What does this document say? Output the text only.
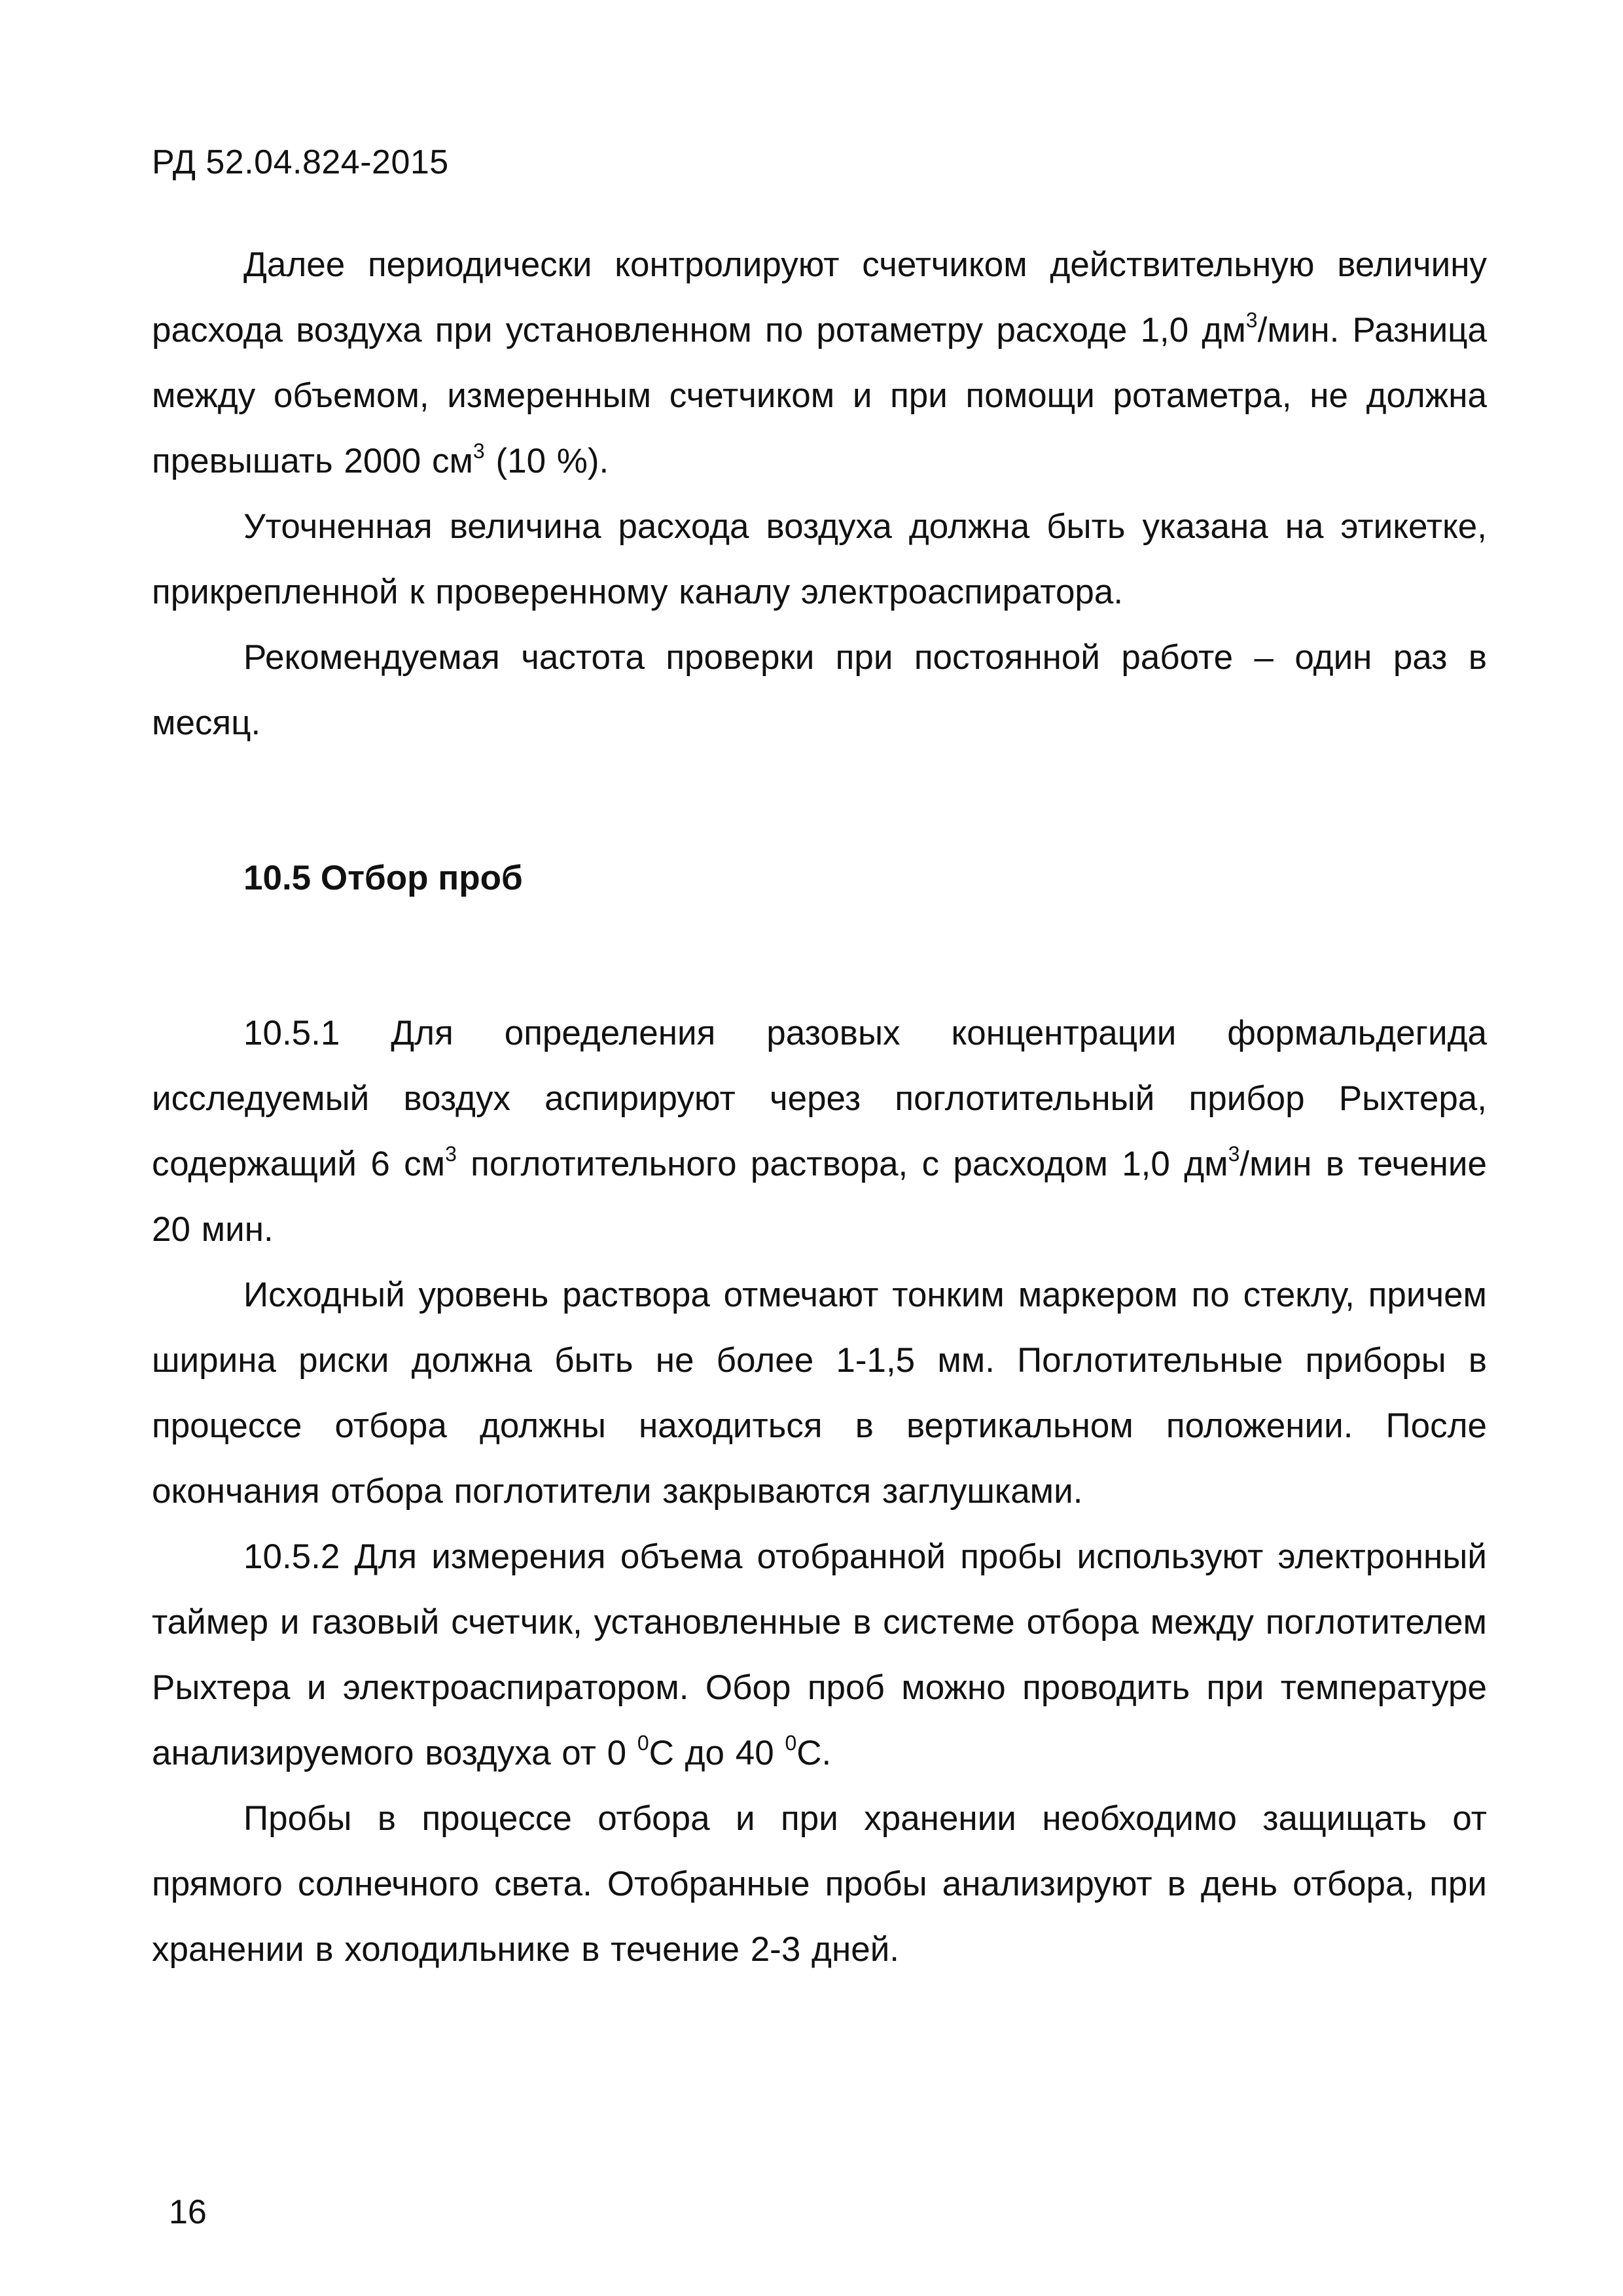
РД 52.04.824-2015

Далее периодически контролируют счетчиком действительную величину расхода воздуха при установленном по ротаметру расходе 1,0 $дм^3$/мин. Разница между объемом, измеренным счетчиком и при помощи ротаметра, не должна превышать 2000 $см^3$ (10 %).

Уточненная величина расхода воздуха должна быть указана на этикетке, прикрепленной к проверенному каналу электроаспиратора.

Рекомендуемая частота проверки при постоянной работе – один раз в месяц.

10.5 Отбор проб

10.5.1 Для определения разовых концентрации формальдегида исследуемый воздух аспирируют через поглотительный прибор Рыхтера, содержащий 6 $см^3$ поглотительного раствора, с расходом 1,0 $дм^3$/мин в течение 20 мин.

Исходный уровень раствора отмечают тонким маркером по стеклу, причем ширина риски должна быть не более 1-1,5 мм. Поглотительные приборы в процессе отбора должны находиться в вертикальном положении. После окончания отбора поглотители закрываются заглушками.

10.5.2 Для измерения объема отобранной пробы используют электронный таймер и газовый счетчик, установленные в системе отбора между поглотителем Рыхтера и электроаспиратором. Обор проб можно проводить при температуре анализируемого воздуха от 0 $^0$С до 40 $^0$С.

Пробы в процессе отбора и при хранении необходимо защищать от прямого солнечного света. Отобранные пробы анализируют в день отбора, при хранении в холодильнике в течение 2-3 дней.

16
